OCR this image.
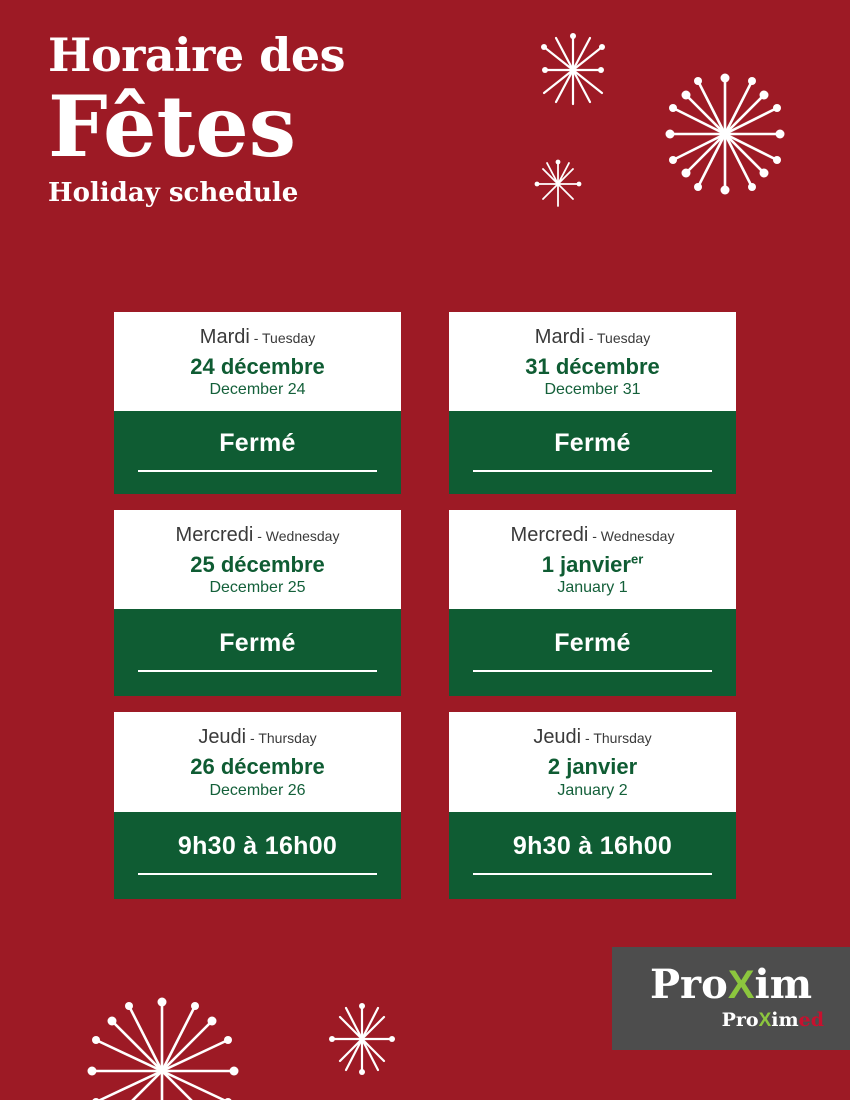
Horaire des
Fêtes
Holiday schedule
Mardi - Tuesday
24 décembre
December 24
Fermé
Mardi - Tuesday
31 décembre
December 31
Fermé
Mercredi - Wednesday
25 décembre
December 25
Fermé
Mercredi - Wednesday
1 janvier$^{er}$
January 1
Fermé
Jeudi - Thursday
26 décembre
December 26
9h30 à 16h00
Jeudi - Thursday
2 janvier
January 2
9h30 à 16h00
ProXim
ProXimed
